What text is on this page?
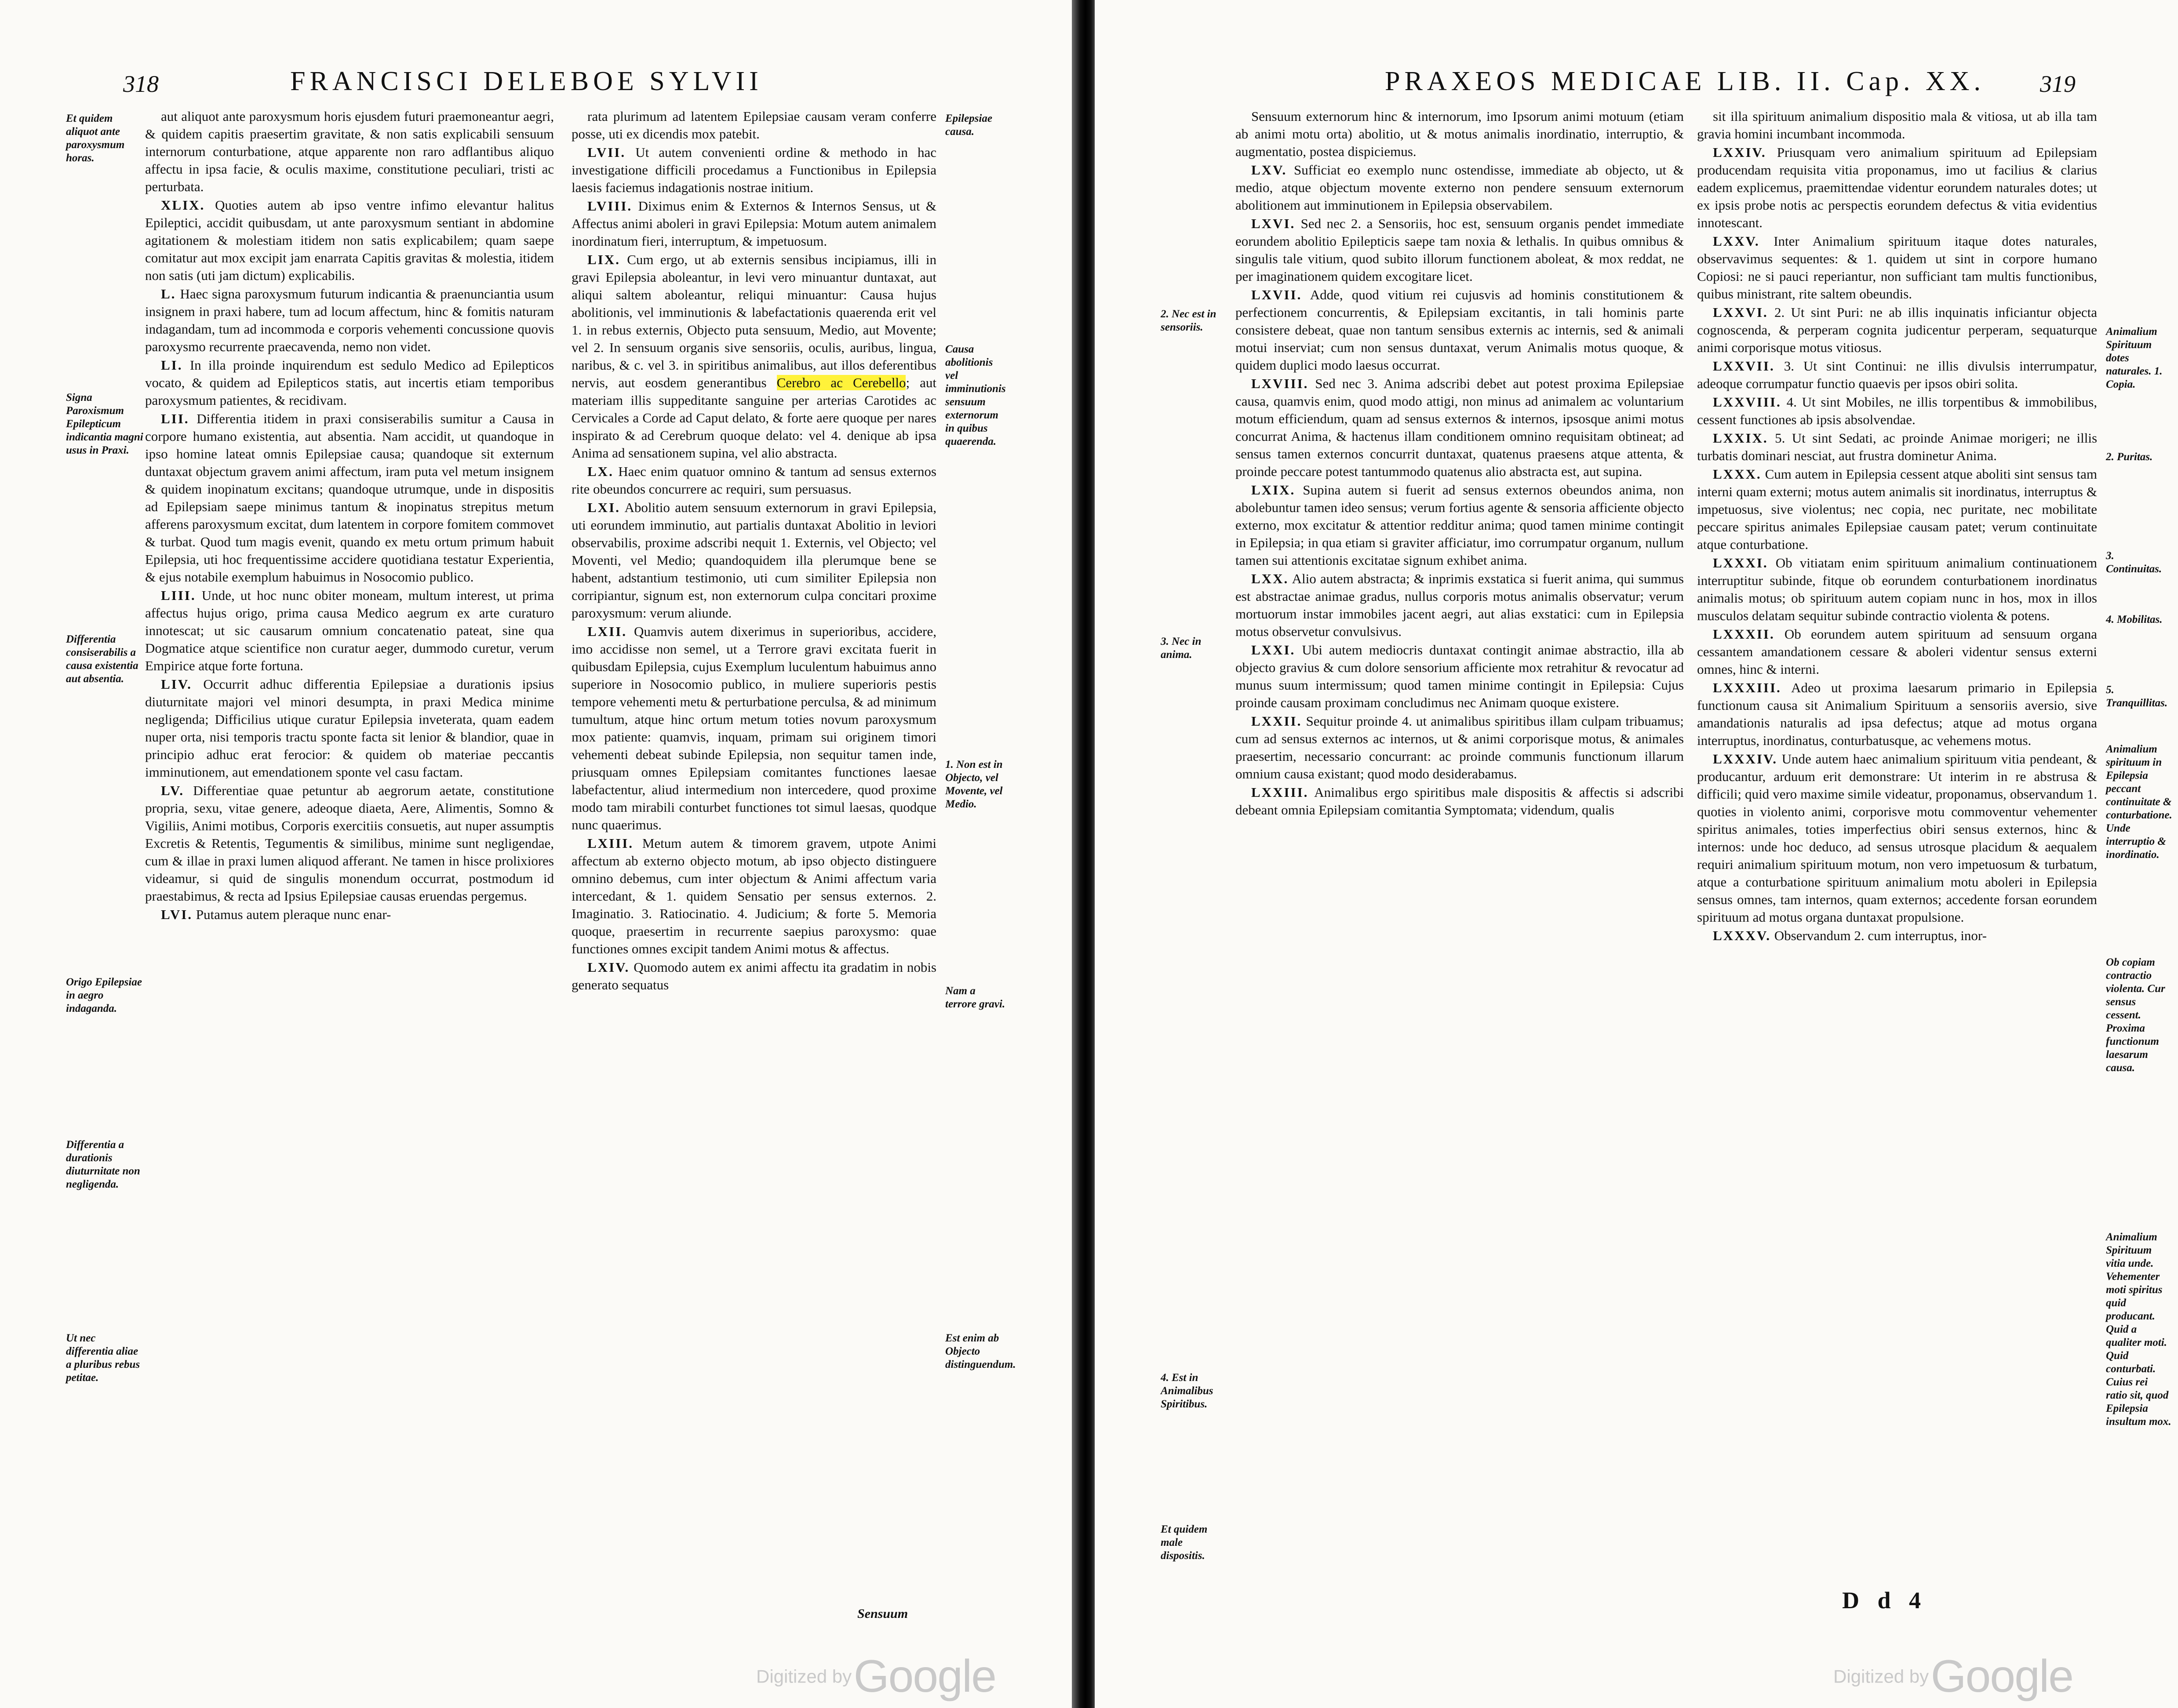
318	FRANCISCI DELEBOE SYLVII
Et quidem aliquot ante paroxysmum horas.
Signa Paroxismum Epilepticum indicantia magni usus in Praxi.
Differentia consiserabilis a causa existentia aut absentia.
Origo Epilepsiae in aegro indaganda.
Differentia a durationis diuturnitate non negligenda.
Ut nec differentia aliae a pluribus rebus petitae.

aut aliquot ante paroxysmum horis ejusdem futuri praemoneantur aegri, & quidem capitis praesertim gravitate, & non satis explicabili sensuum internorum conturbatione, atque apparente non raro adflantibus aliquo affectu in ipsa facie, & oculis maxime, constitutione peculiari, tristi ac perturbata.

XLIX. Quoties autem ab ipso ventre infimo elevantur halitus Epileptici, accidit quibusdam, ut ante paroxysmum sentiant in abdomine agitationem & molestiam itidem non satis explicabilem; quam saepe comitatur aut mox excipit jam enarrata Capitis gravitas & molestia, itidem non satis (uti jam dictum) explicabilis.

L. Haec signa paroxysmum futurum indicantia & praenunciantia usum insignem in praxi habere, tum ad locum affectum, hinc & fomitis naturam indagandam, tum ad incommoda e corporis vehementi concussione quovis paroxysmo recurrente praecavenda, nemo non videt.

LI. In illa proinde inquirendum est sedulo Medico ad Epilepticos vocato, & quidem ad Epilepticos statis, aut incertis etiam temporibus paroxysmum patientes, & recidivam.

LII. Differentia itidem in praxi consiserabilis sumitur a Causa in corpore humano existentia, aut absentia. Nam accidit, ut quandoque in ipso homine lateat omnis Epilepsiae causa; quandoque sit externum duntaxat objectum gravem animi affectum, iram puta vel metum insignem & quidem inopinatum excitans; quandoque utrumque, unde in dispositis ad Epilepsiam saepe minimus tantum & inopinatus strepitus metum afferens paroxysmum excitat, dum latentem in corpore fomitem commovet & turbat. Quod tum magis evenit, quando ex metu ortum primum habuit Epilepsia, uti hoc frequentissime accidere quotidiana testatur Experientia, & ejus notabile exemplum habuimus in Nosocomio publico.

LIII. Unde, ut hoc nunc obiter moneam, multum interest, ut prima affectus hujus origo, prima causa Medico aegrum ex arte curaturo innotescat; ut sic causarum omnium concatenatio pateat, sine qua Dogmatice atque scientifice non curatur aeger, dummodo curetur, verum Empirice atque forte fortuna.

LIV. Occurrit adhuc differentia Epilepsiae a durationis ipsius diuturnitate majori vel minori desumpta, in praxi Medica minime negligenda; Difficilius utique curatur Epilepsia inveterata, quam eadem nuper orta, nisi temporis tractu sponte facta sit lenior & blandior, quae in principio adhuc erat ferocior: & quidem ob materiae peccantis imminutionem, aut emendationem sponte vel casu factam.

LV. Differentiae quae petuntur ab aegrorum aetate, constitutione propria, sexu, vitae genere, adeoque diaeta, Aere, Alimentis, Somno & Vigiliis, Animi motibus, Corporis exercitiis consuetis, aut nuper assumptis Excretis & Retentis, Tegumentis & similibus, minime sunt negligendae, cum & illae in praxi lumen aliquod afferant. Ne tamen in hisce prolixiores videamur, si quid de singulis monendum occurrat, postmodum id praestabimus, & recta ad Ipsius Epilepsiae causas eruendas pergemus.

LVI. Putamus autem pleraque nunc enar-

rata plurimum ad latentem Epilepsiae causam veram conferre posse, uti ex dicendis mox patebit.

LVII. Ut autem convenienti ordine & methodo in hac investigatione difficili procedamus a Functionibus in Epilepsia laesis faciemus indagationis nostrae initium.

LVIII. Diximus enim & Externos & Internos Sensus, ut & Affectus animi aboleri in gravi Epilepsia: Motum autem animalem inordinatum fieri, interruptum, & impetuosum.

LIX. Cum ergo, ut ab externis sensibus incipiamus, illi in gravi Epilepsia aboleantur, in levi vero minuantur duntaxat, aut aliqui saltem aboleantur, reliqui minuantur: Causa hujus abolitionis, vel imminutionis & labefactationis quaerenda erit vel 1. in rebus externis, Objecto puta sensuum, Medio, aut Movente; vel 2. In sensuum organis sive sensoriis, oculis, auribus, lingua, naribus, & c. vel 3. in spiritibus animalibus, aut illos deferentibus nervis, aut eosdem generantibus Cerebro ac Cerebello; aut materiam illis suppeditante sanguine per arterias Carotides ac Cervicales a Corde ad Caput delato, & forte aere quoque per nares inspirato & ad Cerebrum quoque delato: vel 4. denique ab ipsa Anima ad sensationem supina, vel alio abstracta.

LX. Haec enim quatuor omnino & tantum ad sensus externos rite obeundos concurrere ac requiri, sum persuasus.

LXI. Abolitio autem sensuum externorum in gravi Epilepsia, uti eorundem imminutio, aut partialis duntaxat Abolitio in leviori observabilis, proxime adscribi nequit 1. Externis, vel Objecto; vel Moventi, vel Medio; quandoquidem illa plerumque bene se habent, adstantium testimonio, uti cum similiter Epilepsia non corripiantur, signum est, non externorum culpa concitari proxime paroxysmum: verum aliunde.

LXII. Quamvis autem dixerimus in superioribus, accidere, imo accidisse non semel, ut a Terrore gravi excitata fuerit in quibusdam Epilepsia, cujus Exemplum luculentum habuimus anno superiore in Nosocomio publico, in muliere superioris pestis tempore vehementi metu & perturbatione perculsa, & ad minimum tumultum, atque hinc ortum metum toties novum paroxysmum mox patiente: quamvis, inquam, primam sui originem timori vehementi debeat subinde Epilepsia, non sequitur tamen inde, priusquam omnes Epilepsiam comitantes functiones laesae labefactentur, aliud intermedium non intercedere, quod proxime modo tam mirabili conturbet functiones tot simul laesas, quodque nunc quaerimus.

LXIII. Metum autem & timorem gravem, utpote Animi affectum ab externo objecto motum, ab ipso objecto distinguere omnino debemus, cum inter objectum & Animi affectum varia intercedant, & 1. quidem Sensatio per sensus externos. 2. Imaginatio. 3. Ratiocinatio. 4. Judicium; & forte 5. Memoria quoque, praesertim in recurrente saepius paroxysmo: quae functiones omnes excipit tandem Animi motus & affectus.

LXIV. Quomodo autem ex animi affectu ita gradatim in nobis generato sequatus

Epilepsiae causa.
Causa abolitionis vel imminutionis sensuum externorum in quibus quaerenda.
1. Non est in Objecto, vel Movente, vel Medio.
Nam a terrore gravi.
Est enim ab Objecto distinguendum.
Sensuum
Digitized by Google
PRAXEOS MEDICAE LIB. II. Cap. XX. 319
2. Nec est in sensoriis.
3. Nec in anima.
4. Est in Animalibus Spiritibus.
Et quidem male dispositis.

Sensuum externorum hinc & internorum, imo Ipsorum animi motuum (etiam ab animi motu orta) abolitio, ut & motus animalis inordinatio, interruptio, & augmentatio, postea dispiciemus.

LXV. Sufficiat eo exemplo nunc ostendisse, immediate ab objecto, ut & medio, atque objectum movente externo non pendere sensuum externorum abolitionem aut imminutionem in Epilepsia observabilem.

LXVI. Sed nec 2. a Sensoriis, hoc est, sensuum organis pendet immediate eorundem abolitio Epilepticis saepe tam noxia & lethalis. In quibus omnibus & singulis tale vitium, quod subito illorum functionem aboleat, & mox reddat, ne per imaginationem quidem excogitare licet.

LXVII. Adde, quod vitium rei cujusvis ad hominis constitutionem & perfectionem concurrentis, & Epilepsiam excitantis, in tali hominis parte consistere debeat, quae non tantum sensibus externis ac internis, sed & animali motui inserviat; cum non sensus duntaxat, verum Animalis motus quoque, & quidem duplici modo laesus occurrat.

LXVIII. Sed nec 3. Anima adscribi debet aut potest proxima Epilepsiae causa, quamvis enim, quod modo attigi, non minus ad animalem ac voluntarium motum efficiendum, quam ad sensus externos & internos, ipsosque animi motus concurrat Anima, & hactenus illam conditionem omnino requisitam obtineat; ad sensus tamen externos concurrit duntaxat, quatenus praesens atque attenta, & proinde peccare potest tantummodo quatenus alio abstracta est, aut supina.

LXIX. Supina autem si fuerit ad sensus externos obeundos anima, non abolebuntur tamen ideo sensus; verum fortius agente & sensoria afficiente objecto externo, mox excitatur & attentior redditur anima; quod tamen minime contingit in Epilepsia; in qua etiam si graviter afficiatur, imo corrumpatur organum, nullum tamen sui attentionis excitatae signum exhibet anima.

LXX. Alio autem abstracta; & inprimis exstatica si fuerit anima, qui summus est abstractae animae gradus, nullus corporis motus animalis observatur; verum mortuorum instar immobiles jacent aegri, aut alias exstatici: cum in Epilepsia motus observetur convulsivus.

LXXI. Ubi autem mediocris duntaxat contingit animae abstractio, illa ab objecto gravius & cum dolore sensorium afficiente mox retrahitur & revocatur ad munus suum intermissum; quod tamen minime contingit in Epilepsia: Cujus proinde causam proximam concludimus nec Animam quoque existere.

LXXII. Sequitur proinde 4. ut animalibus spiritibus illam culpam tribuamus; cum ad sensus externos ac internos, ut & animi corporisque motus, & animales praesertim, necessario concurrant: ac proinde communis functionum illarum omnium causa existant; quod modo desiderabamus.

LXXIII. Animalibus ergo spiritibus male dispositis & affectis si adscribi debeant omnia Epilepsiam comitantia Symptomata; videndum, qualis

sit illa spirituum animalium dispositio mala & vitiosa, ut ab illa tam gravia homini incumbant incommoda.

LXXIV. Priusquam vero animalium spirituum ad Epilepsiam producendam requisita vitia proponamus, imo ut facilius & clarius eadem explicemus, praemittendae videntur eorundem naturales dotes; ut ex ipsis probe notis ac perspectis eorundem defectus & vitia evidentius innotescant.

LXXV. Inter Animalium spirituum itaque dotes naturales, observavimus sequentes: & 1. quidem ut sint in corpore humano Copiosi: ne si pauci reperiantur, non sufficiant tam multis functionibus, quibus ministrant, rite saltem obeundis.

LXXVI. 2. Ut sint Puri: ne ab illis inquinatis inficiantur objecta cognoscenda, & perperam cognita judicentur perperam, sequaturque animi corporisque motus vitiosus.

LXXVII. 3. Ut sint Continui: ne illis divulsis interrumpatur, adeoque corrumpatur functio quaevis per ipsos obiri solita.

LXXVIII. 4. Ut sint Mobiles, ne illis torpentibus & immobilibus, cessent functiones ab ipsis absolvendae.

LXXIX. 5. Ut sint Sedati, ac proinde Animae morigeri; ne illis turbatis dominari nesciat, aut frustra dominetur Anima.

LXXX. Cum autem in Epilepsia cessent atque aboliti sint sensus tam interni quam externi; motus autem animalis sit inordinatus, interruptus & impetuosus, sive violentus; nec copia, nec puritate, nec mobilitate peccare spiritus animales Epilepsiae causam patet; verum continuitate atque conturbatione.

LXXXI. Ob vitiatam enim spirituum animalium continuationem interruptitur subinde, fitque ob eorundem conturbationem inordinatus animalis motus; ob spirituum autem copiam nunc in hos, mox in illos musculos delatam sequitur subinde contractio violenta & potens.

LXXXII. Ob eorundem autem spirituum ad sensuum organa cessantem amandationem cessare & aboleri videntur sensus externi omnes, hinc & interni.

LXXXIII. Adeo ut proxima laesarum primario in Epilepsia functionum causa sit Animalium Spirituum a sensoriis aversio, sive amandationis naturalis ad ipsa defectus; atque ad motus organa interruptus, inordinatus, conturbatusque, ac vehemens motus.

LXXXIV. Unde autem haec animalium spirituum vitia pendeant, & producantur, arduum erit demonstrare: Ut interim in re abstrusa & difficili; quid vero maxime simile videatur, proponamus, observandum 1. quoties in violento animi, corporisve motu commoventur vehementer spiritus animales, toties imperfectius obiri sensus externos, hinc & internos: unde hoc deduco, ad sensus utrosque placidum & aequalem requiri animalium spirituum motum, non vero impetuosum & turbatum, atque a conturbatione spirituum animalium motu aboleri in Epilepsia sensus omnes, tam internos, quam externos; accedente forsan eorundem spirituum ad motus organa duntaxat propulsione.

LXXXV. Observandum 2. cum interruptus, inor-

Animalium Spirituum dotes naturales. 1. Copia.
2. Puritas.
3. Continuitas.
4. Mobilitas.
5. Tranquillitas.
Animalium spirituum in Epilepsia peccant continuitate & conturbatione. Unde interruptio & inordinatio.
Ob copiam contractio violenta. Cur sensus cessent. Proxima functionum laesarum causa.
Animalium Spirituum vitia unde. Vehementer moti spiritus quid producant. Quid a qualiter moti. Quid conturbati. Cuius rei ratio sit, quod Epilepsia insultum mox.
D d 4
Digitized by Google
